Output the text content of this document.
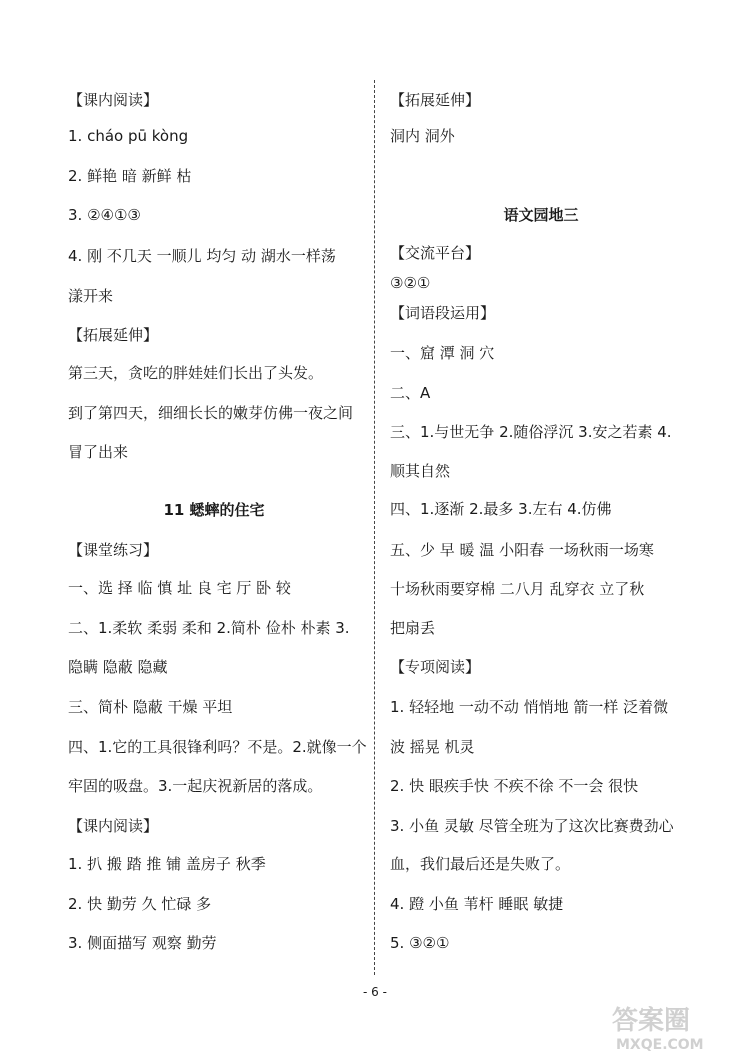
【课内阅读】
1. cháo pū kòng
2. 鲜艳 暗 新鲜 枯
3. ②④①③
4. 刚 不几天 一顺儿 均匀 动 湖水一样荡
漾开来
【拓展延伸】
第三天，贪吃的胖娃娃们长出了头发。
到了第四天，细细长长的嫩芽仿佛一夜之间
冒了出来
11 蟋蟀的住宅
【课堂练习】
一、选 择 临 慎 址 良 宅 厅 卧 较
二、1.柔软 柔弱 柔和 2.简朴 俭朴 朴素 3.
隐瞒 隐蔽 隐藏
三、简朴 隐蔽 干燥 平坦
四、1.它的工具很锋利吗？不是。2.就像一个
牢固的吸盘。3.一起庆祝新居的落成。
【课内阅读】
1. 扒 搬 踏 推 铺 盖房子 秋季
2. 快 勤劳 久 忙碌 多
3. 侧面描写 观察 勤劳
【拓展延伸】
洞内 洞外
语文园地三
【交流平台】
③②①
【词语段运用】
一、窟 潭 洞 穴
二、A
三、1.与世无争 2.随俗浮沉 3.安之若素 4.
顺其自然
四、1.逐渐 2.最多 3.左右 4.仿佛
五、少 早 暖 温 小阳春 一场秋雨一场寒
十场秋雨要穿棉 二八月 乱穿衣 立了秋
把扇丢
【专项阅读】
1. 轻轻地 一动不动 悄悄地 箭一样 泛着微
波 摇晃 机灵
2. 快 眼疾手快 不疾不徐 不一会 很快
3. 小鱼 灵敏 尽管全班为了这次比赛费劲心
血，我们最后还是失败了。
4. 蹬 小鱼 苇杆 睡眠 敏捷
5. ③②①
- 6 -
答案圈
MXQE.COM
